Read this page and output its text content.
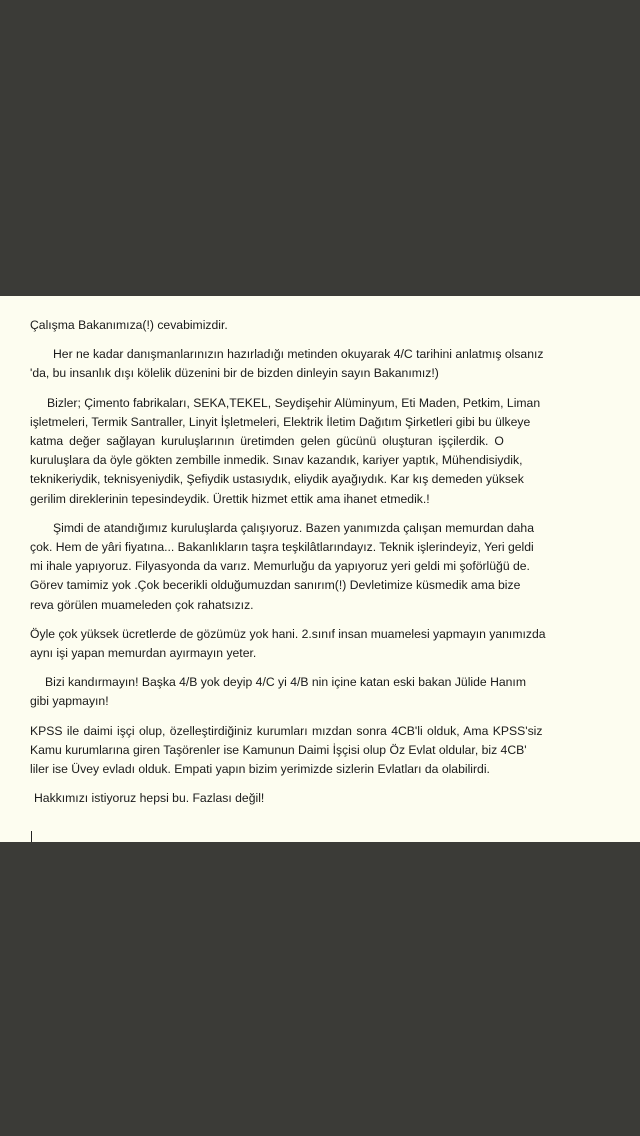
Çalışma Bakanımıza(!) cevabimizdir.

Her ne kadar danışmanlarınızın hazırladığı metinden okuyarak 4/C tarihini anlatmış olsanız
'da, bu insanlık dışı kölelik düzenini bir de bizden dinleyin sayın Bakanımız!)

Bizler; Çimento fabrikaları, SEKA,TEKEL, Seydişehir Alüminyum, Eti Maden, Petkim, Liman
işletmeleri, Termik Santraller, Linyit İşletmeleri, Elektrik İletim Dağıtım Şirketleri gibi bu ülkeye
katma değer sağlayan kuruluşlarının üretimden gelen gücünü oluşturan işçilerdik. O
kuruluşlara da öyle gökten zembille inmedik. Sınav kazandık, kariyer yaptık, Mühendisiydik,
teknikeriydik, teknisyeniydik, Şefiydik ustasıydık, eliydik ayağıydık. Kar kış demeden yüksek
gerilim direklerinin tepesindeydik. Ürettik hizmet ettik ama ihanet etmedik.!

Şimdi de atandığımız kuruluşlarda çalışıyoruz. Bazen yanımızda çalışan memurdan daha
çok. Hem de yâri fiyatına... Bakanlıkların taşra teşkilâtlarındayız. Teknik işlerindeyiz, Yeri geldi
mi ihale yapıyoruz. Filyasyonda da varız. Memurluğu da yapıyoruz yeri geldi mi şoförlüğü de.
Görev tamimiz yok .Çok becerikli olduğumuzdan sanırım(!) Devletimize küsmedik ama bize
reva görülen muameleden çok rahatsızız.

Öyle çok yüksek ücretlerde de gözümüz yok hani. 2.sınıf insan muamelesi yapmayın yanımızda
aynı işi yapan memurdan ayırmayın yeter.

Bizi kandırmayın! Başka 4/B yok deyip 4/C yi 4/B nin içine katan eski bakan Jülide Hanım
gibi yapmayın!

KPSS ile daimi işçi olup, özelleştirdiğiniz kurumları mızdan sonra 4CB'li olduk, Ama KPSS'siz
Kamu kurumlarına giren Taşörenler ise Kamunun Daimi İşçisi olup Öz Evlat oldular, biz 4CB'
liler ise Üvey evladı olduk. Empati yapın bizim yerimizde sizlerin Evlatları da olabilirdi.

Hakkımızı istiyoruz hepsi bu. Fazlası değil!
